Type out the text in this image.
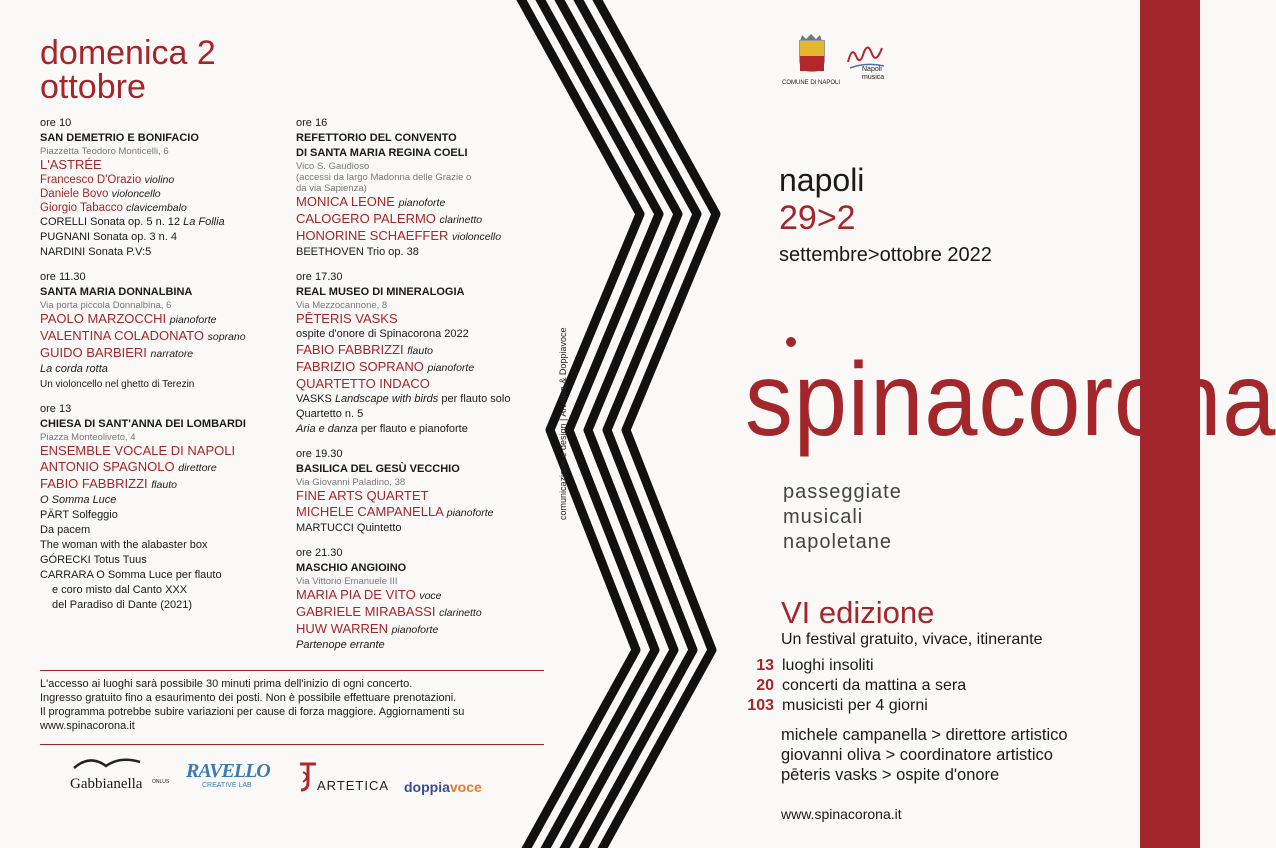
domenica 2
ottobre
ore 10
SAN DEMETRIO E BONIFACIO
Piazzetta Teodoro Monticelli, 6
L'ASTRÉE
Francesco D'Orazio violino
Daniele Bovo violoncello
Giorgio Tabacco clavicembalo
CORELLI Sonata op. 5 n. 12 La Follia
PUGNANI Sonata op. 3 n. 4
NARDINI Sonata P.V:5
ore 11.30
SANTA MARIA DONNALBINA
Via porta piccola Donnalbina, 6
PAOLO MARZOCCHI pianoforte
VALENTINA COLADONATO soprano
GUIDO BARBIERI narratore
La corda rotta
Un violoncello nel ghetto di Terezin
ore 13
CHIESA DI SANT'ANNA DEI LOMBARDI
Piazza Monteoliveto, 4
ENSEMBLE VOCALE DI NAPOLI
ANTONIO SPAGNOLO direttore
FABIO FABBRIZZI flauto
O Somma Luce
PÄRT Solfeggio
Da pacem
The woman with the alabaster box
GÓRECKI Totus Tuus
CARRARA O Somma Luce per flauto
e coro misto dal Canto XXX
del Paradiso di Dante (2021)
ore 16
REFETTORIO DEL CONVENTO
DI SANTA MARIA REGINA COELI
Vico S. Gaudioso
(accessi da largo Madonna delle Grazie o
da via Sapienza)
MONICA LEONE pianoforte
CALOGERO PALERMO clarinetto
HONORINE SCHAEFFER violoncello
BEETHOVEN Trio op. 38
ore 17.30
REAL MUSEO DI MINERALOGIA
Via Mezzocannone, 8
PĒTERIS VASKS
ospite d'onore di Spinacorona 2022
FABIO FABBRIZZI flauto
FABRIZIO SOPRANO pianoforte
QUARTETTO INDACO
VASKS Landscape with birds per flauto solo
Quartetto n. 5
Aria e danza per flauto e pianoforte
ore 19.30
BASILICA DEL GESÙ VECCHIO
Via Giovanni Paladino, 38
FINE ARTS QUARTET
MICHELE CAMPANELLA pianoforte
MARTUCCI Quintetto
ore 21.30
MASCHIO ANGIOINO
Via Vittorio Emanuele III
MARIA PIA DE VITO voce
GABRIELE MIRABASSI clarinetto
HUW WARREN pianoforte
Partenope errante
L'accesso ai luoghi sarà possibile 30 minuti prima dell'inizio di ogni concerto.
Ingresso gratuito fino a esaurimento dei posti. Non è possibile effettuare prenotazioni.
Il programma potrebbe subire variazioni per cause di forza maggiore. Aggiornamenti su
www.spinacorona.it
comunicazione e design | Artetica & Doppiavoce
Gabbianella ONLUS RAVELLO
CREATIVE LAB	ARTETICA doppiavoce
COMUNE DI NAPOLI
Napoli
musica
napoli
29>2
settembre>ottobre 2022
spinacorona
passeggiate
musicali
napoletane
VI edizione
Un festival gratuito, vivace, itinerante
13 luoghi insoliti
20 concerti da mattina a sera
103 musicisti per 4 giorni
michele campanella > direttore artistico
giovanni oliva > coordinatore artistico
pēteris vasks > ospite d'onore
www.spinacorona.it
